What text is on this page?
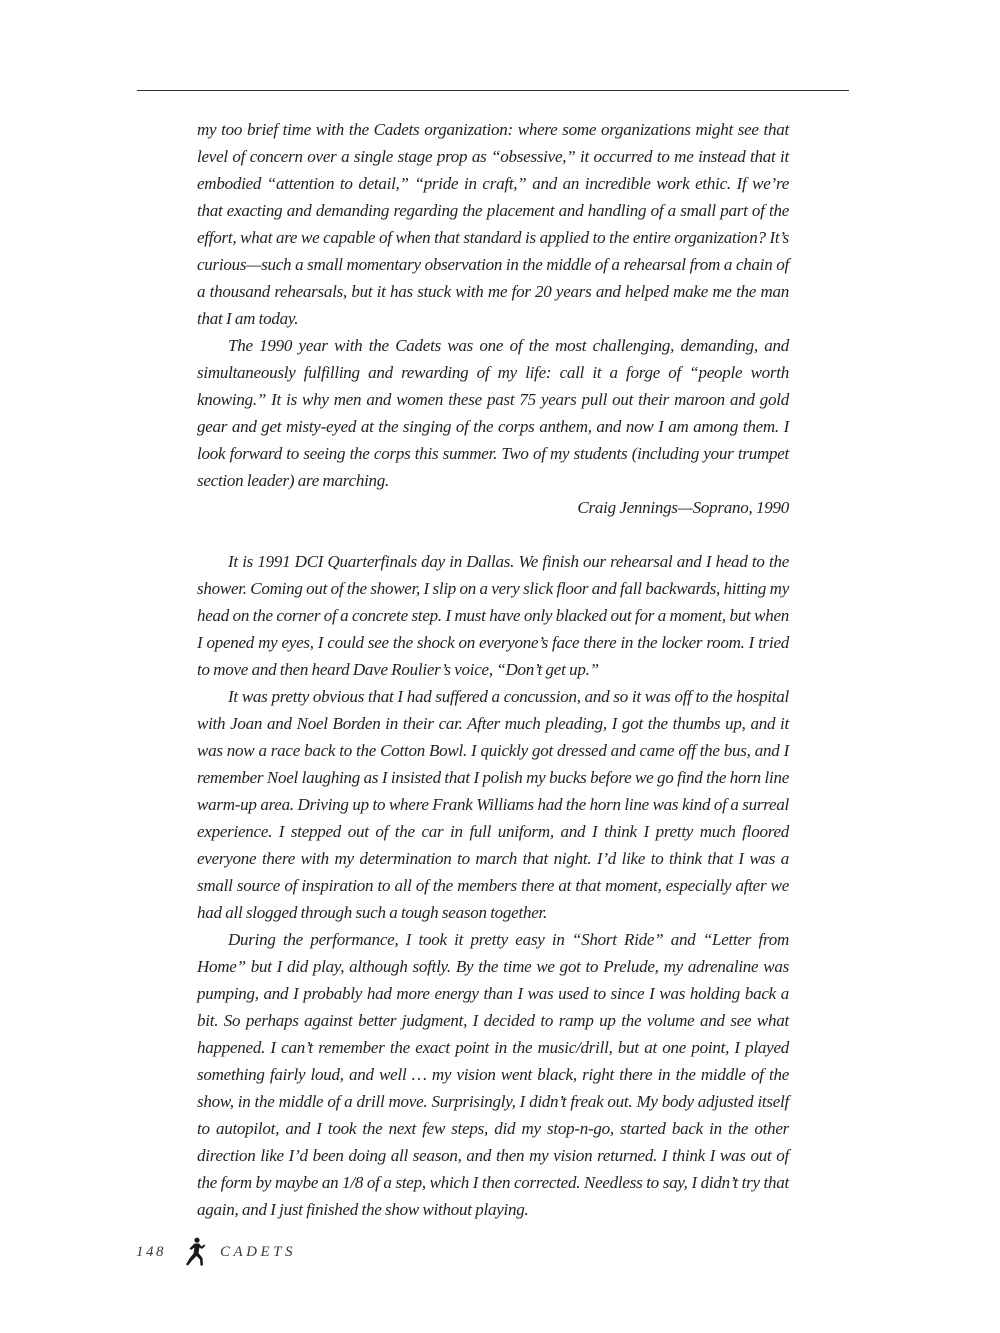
my too brief time with the Cadets organization: where some organizations might see that level of concern over a single stage prop as “obsessive,” it occurred to me instead that it embodied “attention to detail,” “pride in craft,” and an incredible work ethic. If we’re that exacting and demanding regarding the placement and handling of a small part of the effort, what are we capable of when that standard is applied to the entire organization? It’s curious—such a small momentary observation in the middle of a rehearsal from a chain of a thousand rehearsals, but it has stuck with me for 20 years and helped make me the man that I am today.

The 1990 year with the Cadets was one of the most challenging, demanding, and simultaneously fulfilling and rewarding of my life: call it a forge of “people worth knowing.” It is why men and women these past 75 years pull out their maroon and gold gear and get misty-eyed at the singing of the corps anthem, and now I am among them. I look forward to seeing the corps this summer. Two of my students (including your trumpet section leader) are marching.

Craig Jennings—Soprano, 1990

It is 1991 DCI Quarterfinals day in Dallas. We finish our rehearsal and I head to the shower. Coming out of the shower, I slip on a very slick floor and fall backwards, hitting my head on the corner of a concrete step. I must have only blacked out for a moment, but when I opened my eyes, I could see the shock on everyone’s face there in the locker room. I tried to move and then heard Dave Roulier’s voice, “Don’t get up.”

It was pretty obvious that I had suffered a concussion, and so it was off to the hospital with Joan and Noel Borden in their car. After much pleading, I got the thumbs up, and it was now a race back to the Cotton Bowl. I quickly got dressed and came off the bus, and I remember Noel laughing as I insisted that I polish my bucks before we go find the horn line warm-up area. Driving up to where Frank Williams had the horn line was kind of a surreal experience. I stepped out of the car in full uniform, and I think I pretty much floored everyone there with my determination to march that night. I’d like to think that I was a small source of inspiration to all of the members there at that moment, especially after we had all slogged through such a tough season together.

During the performance, I took it pretty easy in “Short Ride” and “Letter from Home” but I did play, although softly. By the time we got to Prelude, my adrenaline was pumping, and I probably had more energy than I was used to since I was holding back a bit. So perhaps against better judgment, I decided to ramp up the volume and see what happened. I can’t remember the exact point in the music/drill, but at one point, I played something fairly loud, and well … my vision went black, right there in the middle of the show, in the middle of a drill move. Surprisingly, I didn’t freak out. My body adjusted itself to autopilot, and I took the next few steps, did my stop-n-go, started back in the other direction like I’d been doing all season, and then my vision returned. I think I was out of the form by maybe an 1/8 of a step, which I then corrected. Needless to say, I didn’t try that again, and I just finished the show without playing.

148	CADETS
